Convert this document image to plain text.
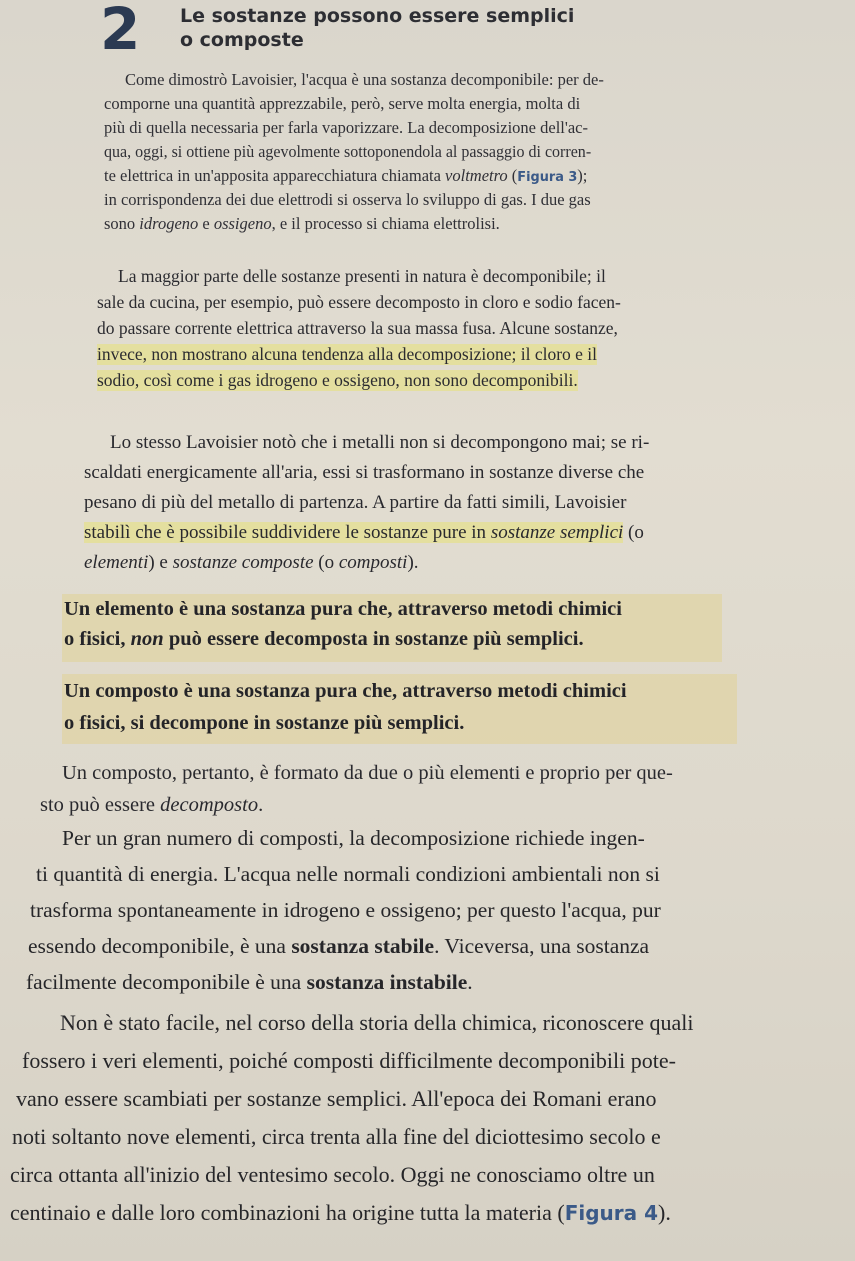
2 Le sostanze possono essere semplici
o composte
Come dimostrò Lavoisier, l'acqua è una sostanza decomponibile: per de-
comporne una quantità apprezzabile, però, serve molta energia, molta di
più di quella necessaria per farla vaporizzare. La decomposizione dell'ac-
qua, oggi, si ottiene più agevolmente sottoponendola al passaggio di corren-
te elettrica in un'apposita apparecchiatura chiamata voltmetro (Figura 3);
in corrispondenza dei due elettrodi si osserva lo sviluppo di gas. I due gas
sono idrogeno e ossigeno, e il processo si chiama elettrolisi.
La maggior parte delle sostanze presenti in natura è decomponibile; il
sale da cucina, per esempio, può essere decomposto in cloro e sodio facen-
do passare corrente elettrica attraverso la sua massa fusa. Alcune sostanze,
invece, non mostrano alcuna tendenza alla decomposizione; il cloro e il
sodio, così come i gas idrogeno e ossigeno, non sono decomponibili.
Lo stesso Lavoisier notò che i metalli non si decompongono mai; se ri-
scaldati energicamente all'aria, essi si trasformano in sostanze diverse che
pesano di più del metallo di partenza. A partire da fatti simili, Lavoisier
stabilì che è possibile suddividere le sostanze pure in sostanze semplici (o
elementi) e sostanze composte (o composti).
Un elemento è una sostanza pura che, attraverso metodi chimici
o fisici, non può essere decomposta in sostanze più semplici.
Un composto è una sostanza pura che, attraverso metodi chimici
o fisici, si decompone in sostanze più semplici.
Un composto, pertanto, è formato da due o più elementi e proprio per que-
sto può essere decomposto.
Per un gran numero di composti, la decomposizione richiede ingen-
ti quantità di energia. L'acqua nelle normali condizioni ambientali non si
trasforma spontaneamente in idrogeno e ossigeno; per questo l'acqua, pur
essendo decomponibile, è una sostanza stabile. Viceversa, una sostanza
facilmente decomponibile è una sostanza instabile.
Non è stato facile, nel corso della storia della chimica, riconoscere quali
fossero i veri elementi, poiché composti difficilmente decomponibili pote-
vano essere scambiati per sostanze semplici. All'epoca dei Romani erano
noti soltanto nove elementi, circa trenta alla fine del diciottesimo secolo e
circa ottanta all'inizio del ventesimo secolo. Oggi ne conosciamo oltre un
centinaio e dalle loro combinazioni ha origine tutta la materia (Figura 4).
